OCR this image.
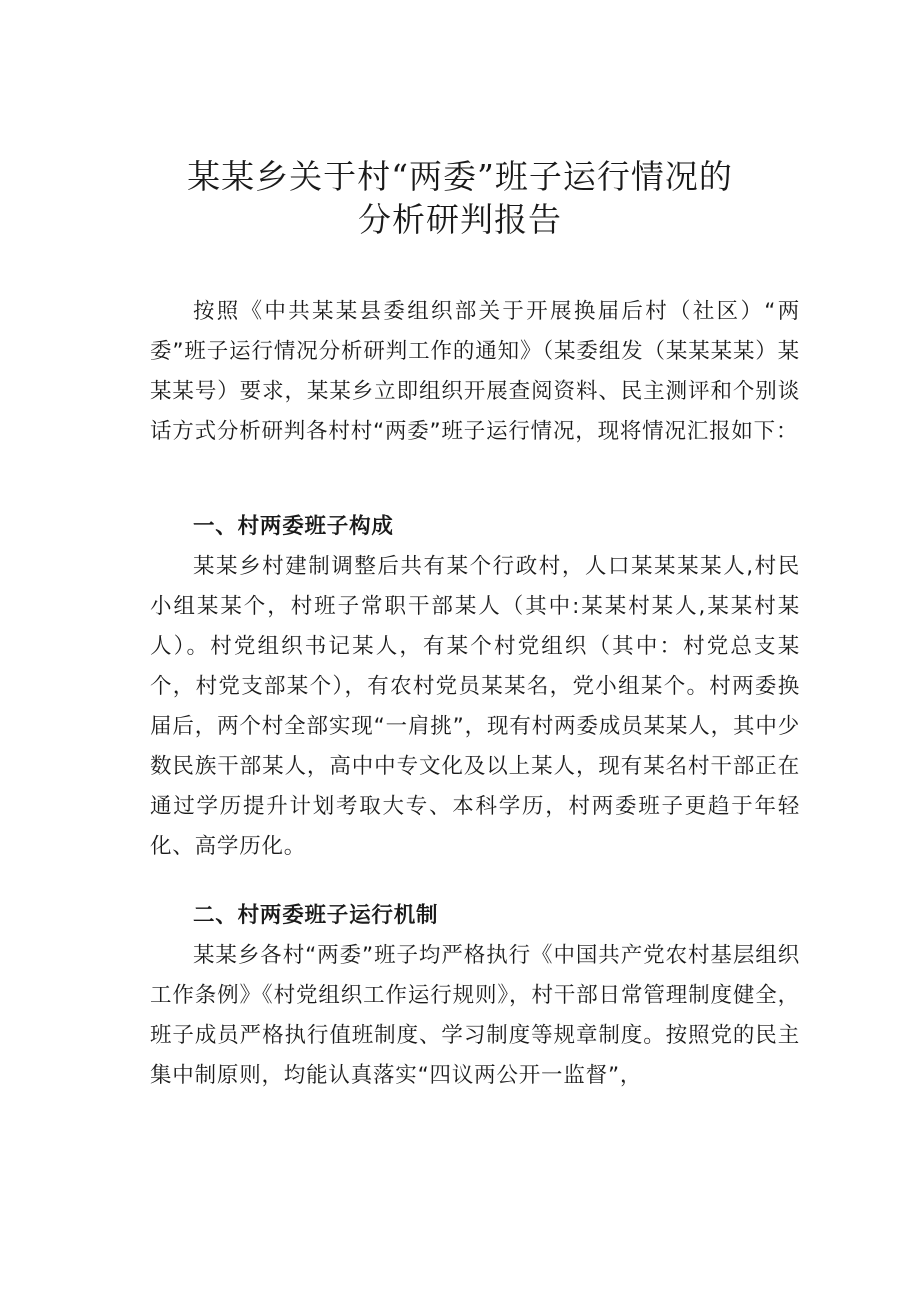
某某乡关于村“两委”班子运行情况的
分析研判报告

按照《中共某某县委组织部关于开展换届后村（社区）“两委”班子运行情况分析研判工作的通知》（某委组发（某某某某）某某某号）要求，某某乡立即组织开展查阅资料、民主测评和个别谈话方式分析研判各村村“两委”班子运行情况，现将情况汇报如下：

一、村两委班子构成

某某乡村建制调整后共有某个行政村，人口某某某某人,村民小组某某个，村班子常职干部某人（其中:某某村某人,某某村某人）。村党组织书记某人，有某个村党组织（其中：村党总支某个，村党支部某个），有农村党员某某名，党小组某个。村两委换届后，两个村全部实现“一肩挑”，现有村两委成员某某人，其中少数民族干部某人，高中中专文化及以上某人，现有某名村干部正在通过学历提升计划考取大专、本科学历，村两委班子更趋于年轻化、高学历化。

二、村两委班子运行机制

某某乡各村“两委”班子均严格执行《中国共产党农村基层组织工作条例》《村党组织工作运行规则》，村干部日常管理制度健全，班子成员严格执行值班制度、学习制度等规章制度。按照党的民主集中制原则，均能认真落实“四议两公开一监督”，
